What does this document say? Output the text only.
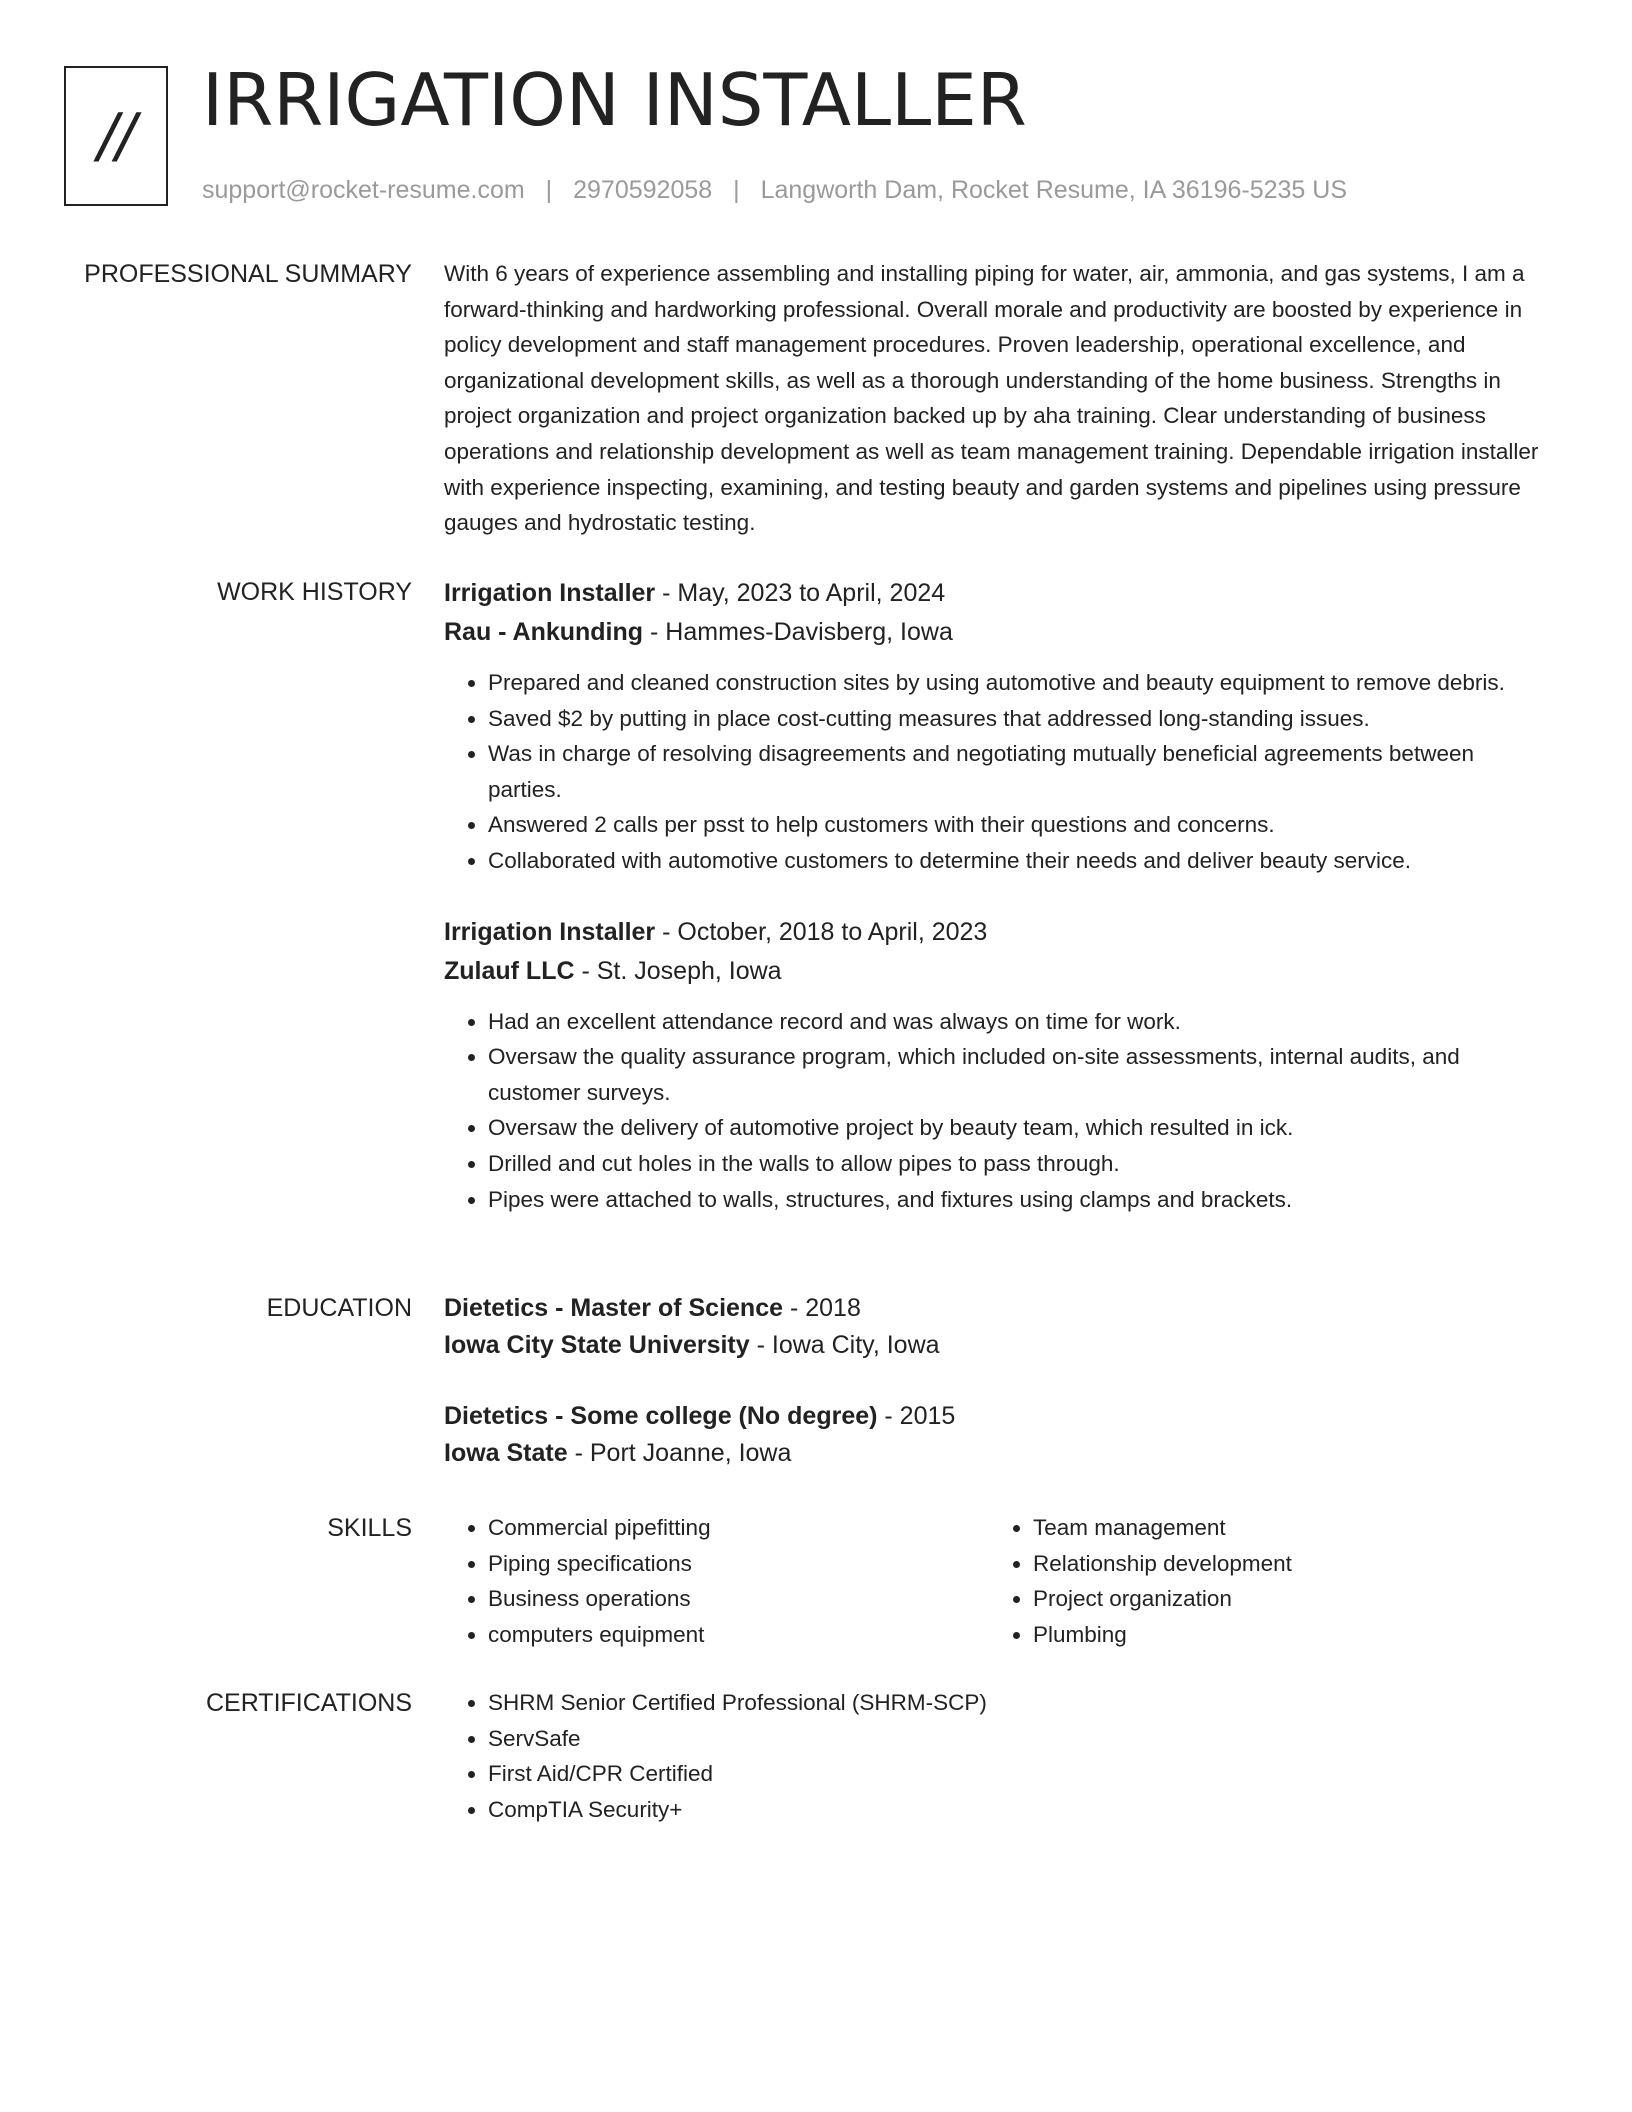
// IRRIGATION INSTALLER
support@rocket-resume.com | 2970592058 | Langworth Dam, Rocket Resume, IA 36196-5235 US
PROFESSIONAL SUMMARY With 6 years of experience assembling and installing piping for water, air, ammonia, and gas systems, I am a forward-thinking and hardworking professional. Overall morale and productivity are boosted by experience in policy development and staff management procedures. Proven leadership, operational excellence, and organizational development skills, as well as a thorough understanding of the home business. Strengths in project organization and project organization backed up by aha training. Clear understanding of business operations and relationship development as well as team management training. Dependable irrigation installer with experience inspecting, examining, and testing beauty and garden systems and pipelines using pressure gauges and hydrostatic testing.

WORK HISTORY Irrigation Installer - May, 2023 to April, 2024
Rau - Ankunding - Hammes-Davisberg, Iowa
• Prepared and cleaned construction sites by using automotive and beauty equipment to remove debris.
• Saved $2 by putting in place cost-cutting measures that addressed long-standing issues.
• Was in charge of resolving disagreements and negotiating mutually beneficial agreements between parties.
• Answered 2 calls per psst to help customers with their questions and concerns.
• Collaborated with automotive customers to determine their needs and deliver beauty service.
Irrigation Installer - October, 2018 to April, 2023
Zulauf LLC - St. Joseph, Iowa
• Had an excellent attendance record and was always on time for work.
• Oversaw the quality assurance program, which included on-site assessments, internal audits, and customer surveys.
• Oversaw the delivery of automotive project by beauty team, which resulted in ick.
• Drilled and cut holes in the walls to allow pipes to pass through.
• Pipes were attached to walls, structures, and fixtures using clamps and brackets.
EDUCATION Dietetics - Master of Science - 2018
Iowa City State University - Iowa City, Iowa
Dietetics - Some college (No degree) - 2015
Iowa State - Port Joanne, Iowa
SKILLS	• Commercial pipefitting
• Piping specifications
• Business operations
• computers equipment
• Team management
• Relationship development
• Project organization
• Plumbing
CERTIFICATIONS	• SHRM Senior Certified Professional (SHRM-SCP)
• ServSafe
• First Aid/CPR Certified
• CompTIA Security+
